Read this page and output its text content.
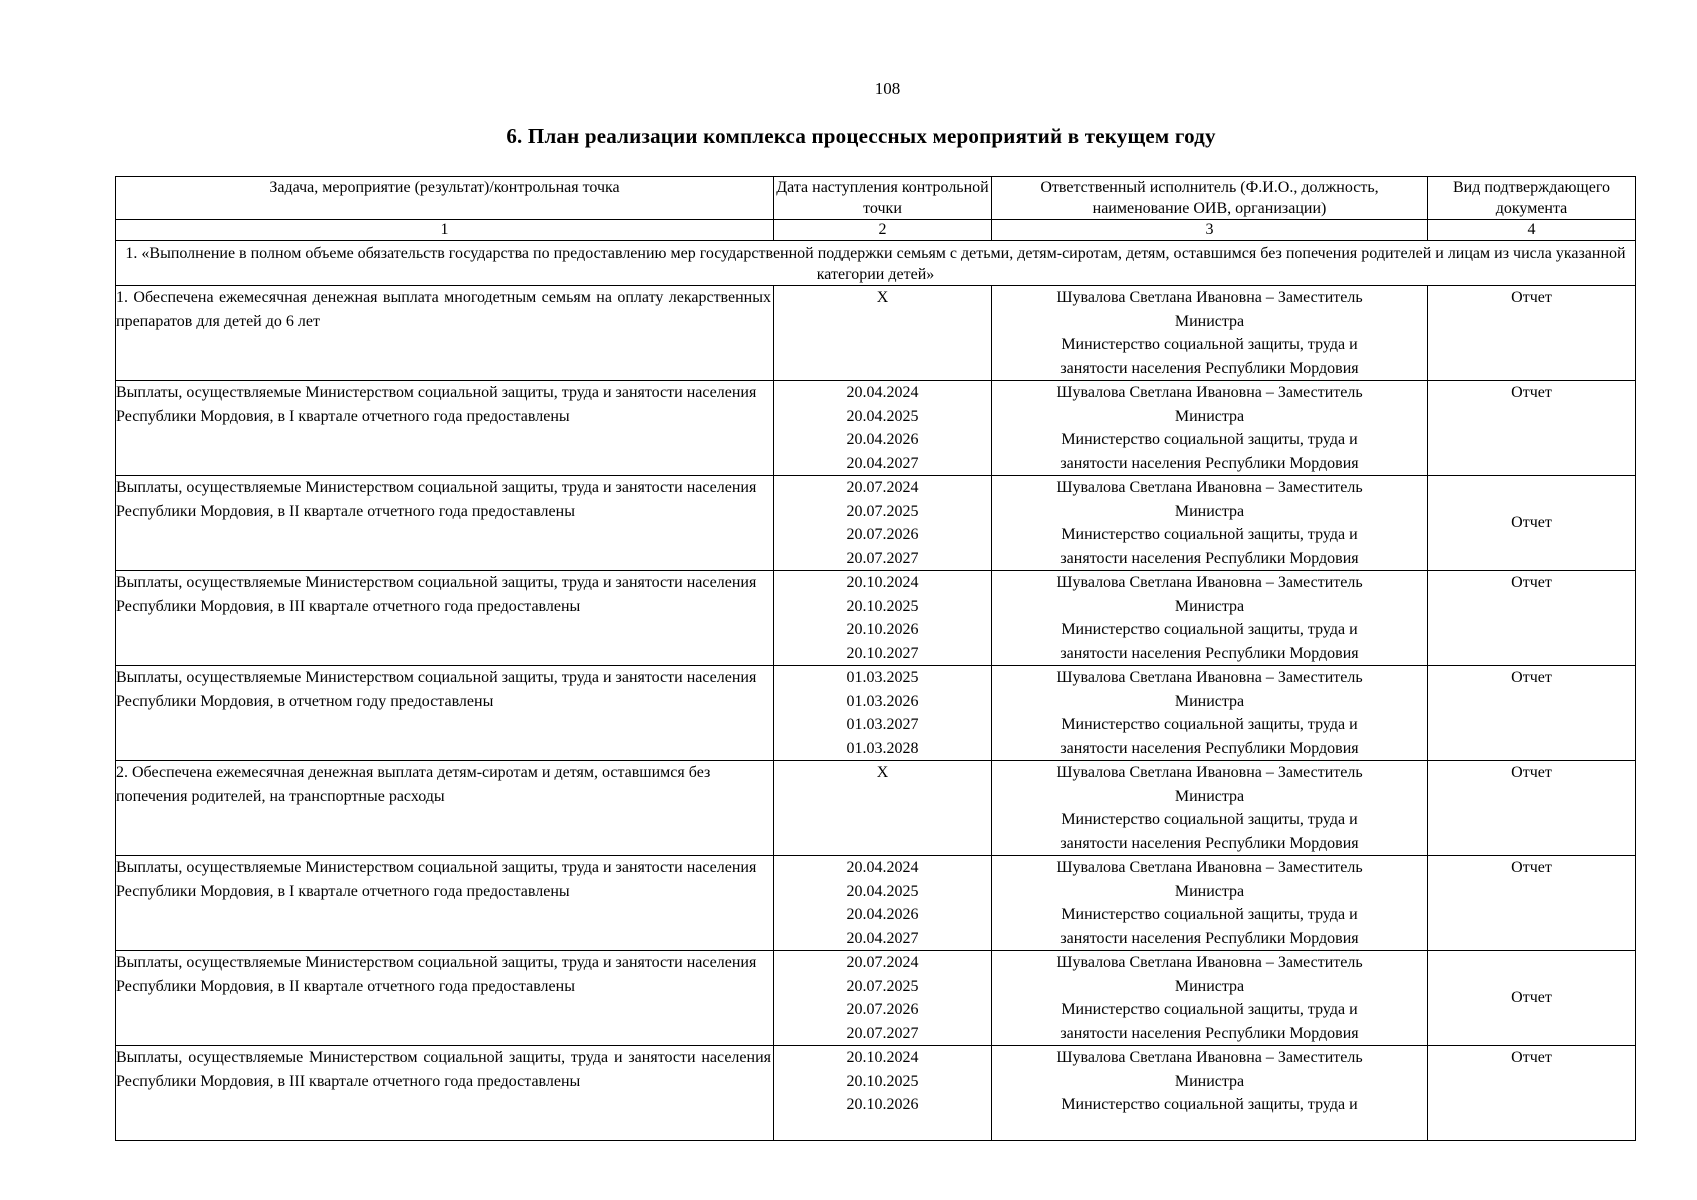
108
6. План реализации комплекса процессных мероприятий в текущем году
Задача, мероприятие (результат)/контрольная точка	Дата наступления контрольной точки	Ответственный исполнитель (Ф.И.О., должность, наименование ОИВ, организации)	Вид подтверждающего документа
1	2	3	4
1. «Выполнение в полном объеме обязательств государства по предоставлению мер государственной поддержки семьям с детьми, детям-сиротам, детям, оставшимся без попечения родителей и лицам из числа указанной категории детей»			
1. Обеспечена ежемесячная денежная выплата многодетным семьям на оплату лекарственных препаратов для детей до 6 лет	X	Шувалова Светлана Ивановна – Заместитель
Министра
Министерство социальной защиты, труда и
занятости населения Республики Мордовия	Отчет
Выплаты, осуществляемые Министерством социальной защиты, труда и занятости населения Республики Мордовия, в I квартале отчетного года предоставлены	20.04.2024
20.04.2025
20.04.2026
20.04.2027	Шувалова Светлана Ивановна – Заместитель
Министра
Министерство социальной защиты, труда и
занятости населения Республики Мордовия	Отчет
Выплаты, осуществляемые Министерством социальной защиты, труда и занятости населения Республики Мордовия, в II квартале отчетного года предоставлены	20.07.2024
20.07.2025
20.07.2026
20.07.2027	Шувалова Светлана Ивановна – Заместитель
Министра
Министерство социальной защиты, труда и
занятости населения Республики Мордовия	Отчет
Выплаты, осуществляемые Министерством социальной защиты, труда и занятости населения Республики Мордовия, в III квартале отчетного года предоставлены	20.10.2024
20.10.2025
20.10.2026
20.10.2027	Шувалова Светлана Ивановна – Заместитель
Министра
Министерство социальной защиты, труда и
занятости населения Республики Мордовия	Отчет
Выплаты, осуществляемые Министерством социальной защиты, труда и занятости населения Республики Мордовия, в отчетном году предоставлены	01.03.2025
01.03.2026
01.03.2027
01.03.2028	Шувалова Светлана Ивановна – Заместитель
Министра
Министерство социальной защиты, труда и
занятости населения Республики Мордовия	Отчет
2. Обеспечена ежемесячная денежная выплата детям-сиротам и детям, оставшимся без попечения родителей, на транспортные расходы	X	Шувалова Светлана Ивановна – Заместитель
Министра
Министерство социальной защиты, труда и
занятости населения Республики Мордовия	Отчет
Выплаты, осуществляемые Министерством социальной защиты, труда и занятости населения Республики Мордовия, в I квартале отчетного года предоставлены	20.04.2024
20.04.2025
20.04.2026
20.04.2027	Шувалова Светлана Ивановна – Заместитель
Министра
Министерство социальной защиты, труда и
занятости населения Республики Мордовия	Отчет
Выплаты, осуществляемые Министерством социальной защиты, труда и занятости населения Республики Мордовия, в II квартале отчетного года предоставлены	20.07.2024
20.07.2025
20.07.2026
20.07.2027	Шувалова Светлана Ивановна – Заместитель
Министра
Министерство социальной защиты, труда и
занятости населения Республики Мордовия	Отчет
Выплаты, осуществляемые Министерством социальной защиты, труда и занятости населения Республики Мордовия, в III квартале отчетного года предоставлены	20.10.2024
20.10.2025
20.10.2026	Шувалова Светлана Ивановна – Заместитель
Министра
Министерство социальной защиты, труда и	Отчет
